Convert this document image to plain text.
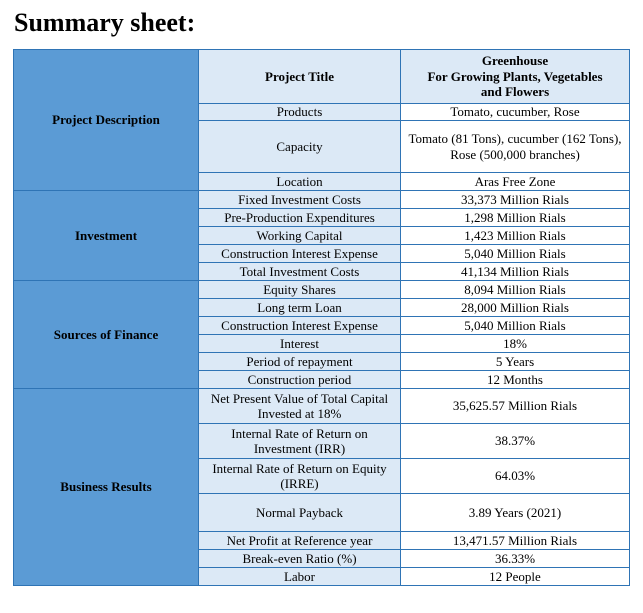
Summary sheet:
Project Description	Project Title	Greenhouse
For Growing Plants, Vegetables
and Flowers
	Products	Tomato, cucumber, Rose
	Capacity	Tomato (81 Tons), cucumber (162 Tons), Rose (500,000 branches)
	Location	Aras Free Zone
Investment	Fixed Investment Costs	33,373 Million Rials
	Pre-Production Expenditures	1,298 Million Rials
	Working Capital	1,423 Million Rials
	Construction Interest Expense	5,040 Million Rials
	Total Investment Costs	41,134 Million Rials
Sources of Finance	Equity Shares	8,094 Million Rials
	Long term Loan	28,000 Million Rials
	Construction Interest Expense	5,040 Million Rials
	Interest	18%
	Period of repayment	5 Years
	Construction period	12 Months
Business Results	Net Present Value of Total Capital Invested at 18%	35,625.57 Million Rials
	Internal Rate of Return on Investment (IRR)	38.37%
	Internal Rate of Return on Equity (IRRE)	64.03%
	Normal Payback	3.89 Years (2021)
	Net Profit at Reference year	13,471.57 Million Rials
	Break-even Ratio (%)	36.33%
	Labor	12 People
